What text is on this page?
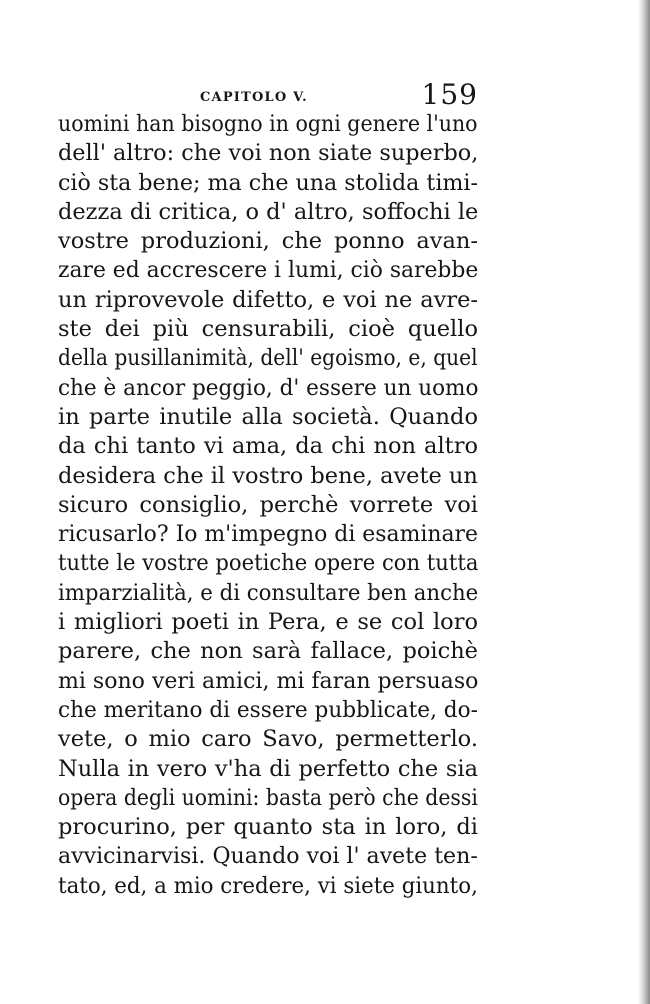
CAPITOLO V.	159
uomini han bisogno in ogni genere l'uno
dell' altro: che voi non siate superbo,
ciò sta bene; ma che una stolida timi-
dezza di critica, o d' altro, soffochi le
vostre produzioni, che ponno avan-
zare ed accrescere i lumi, ciò sarebbe
un riprovevole difetto, e voi ne avre-
ste dei più censurabili, cioè quello
della pusillanimità, dell' egoismo, e, quel
che è ancor peggio, d' essere un uomo
in parte inutile alla società. Quando
da chi tanto vi ama, da chi non altro
desidera che il vostro bene, avete un
sicuro consiglio, perchè vorrete voi
ricusarlo? Io m'impegno di esaminare
tutte le vostre poetiche opere con tutta
imparzialità, e di consultare ben anche
i migliori poeti in Pera, e se col loro
parere, che non sarà fallace, poichè
mi sono veri amici, mi faran persuaso
che meritano di essere pubblicate, do-
vete, o mio caro Savo, permetterlo.
Nulla in vero v'ha di perfetto che sia
opera degli uomini: basta però che dessi
procurino, per quanto sta in loro, di
avvicinarvisi. Quando voi l' avete ten-
tato, ed, a mio credere, vi siete giunto,
